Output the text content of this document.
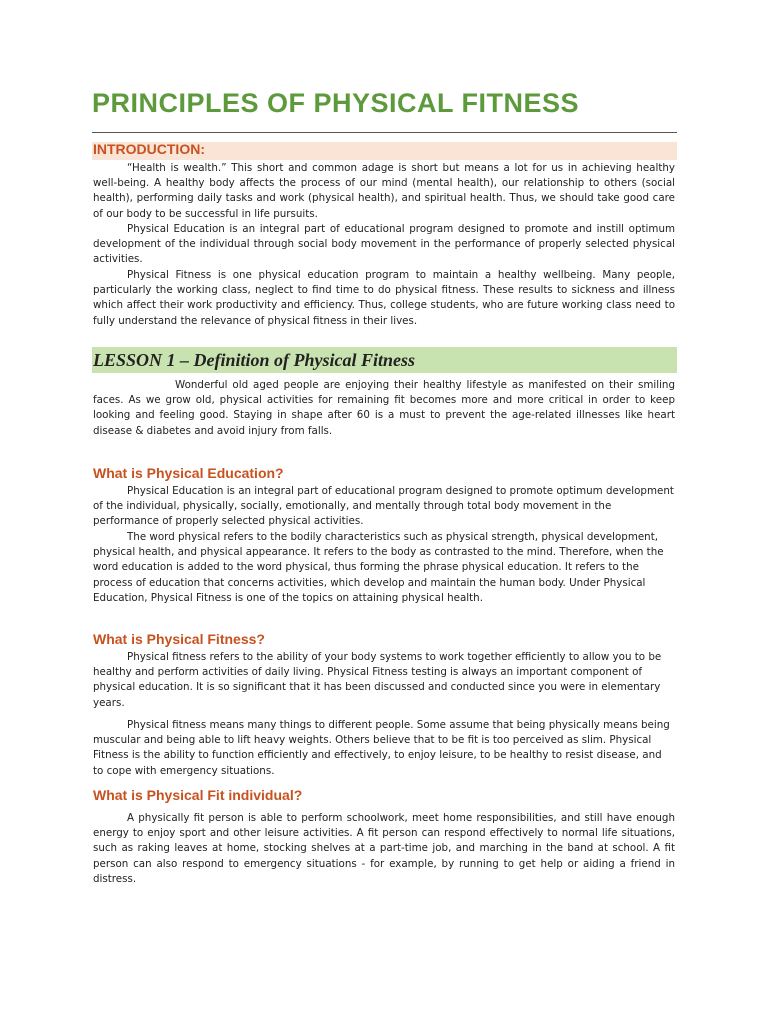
PRINCIPLES OF PHYSICAL FITNESS
INTRODUCTION:

“Health is wealth.” This short and common adage is short but means a lot for us in achieving healthy well-being. A healthy body affects the process of our mind (mental health), our relationship to others (social health), performing daily tasks and work (physical health), and spiritual health. Thus, we should take good care of our body to be successful in life pursuits.

Physical Education is an integral part of educational program designed to promote and instill optimum development of the individual through social body movement in the performance of properly selected physical activities.

Physical Fitness is one physical education program to maintain a healthy wellbeing. Many people, particularly the working class, neglect to find time to do physical fitness. These results to sickness and illness which affect their work productivity and efficiency. Thus, college students, who are future working class need to fully understand the relevance of physical fitness in their lives.

LESSON 1 – Definition of Physical Fitness

Wonderful old aged people are enjoying their healthy lifestyle as manifested on their smiling faces. As we grow old, physical activities for remaining fit becomes more and more critical in order to keep looking and feeling good. Staying in shape after 60 is a must to prevent the age-related illnesses like heart disease & diabetes and avoid injury from falls.

What is Physical Education?

Physical Education is an integral part of educational program designed to promote optimum development of the individual, physically, socially, emotionally, and mentally through total body movement in the performance of properly selected physical activities.

The word physical refers to the bodily characteristics such as physical strength, physical development, physical health, and physical appearance. It refers to the body as contrasted to the mind. Therefore, when the word education is added to the word physical, thus forming the phrase physical education. It refers to the process of education that concerns activities, which develop and maintain the human body. Under Physical Education, Physical Fitness is one of the topics on attaining physical health.

What is Physical Fitness?

Physical fitness refers to the ability of your body systems to work together efficiently to allow you to be healthy and perform activities of daily living. Physical Fitness testing is always an important component of physical education. It is so significant that it has been discussed and conducted since you were in elementary years.

Physical fitness means many things to different people. Some assume that being physically means being muscular and being able to lift heavy weights. Others believe that to be fit is too perceived as slim. Physical Fitness is the ability to function efficiently and effectively, to enjoy leisure, to be healthy to resist disease, and to cope with emergency situations.

What is Physical Fit individual?

A physically fit person is able to perform schoolwork, meet home responsibilities, and still have enough energy to enjoy sport and other leisure activities. A fit person can respond effectively to normal life situations, such as raking leaves at home, stocking shelves at a part-time job, and marching in the band at school. A fit person can also respond to emergency situations - for example, by running to get help or aiding a friend in distress.
